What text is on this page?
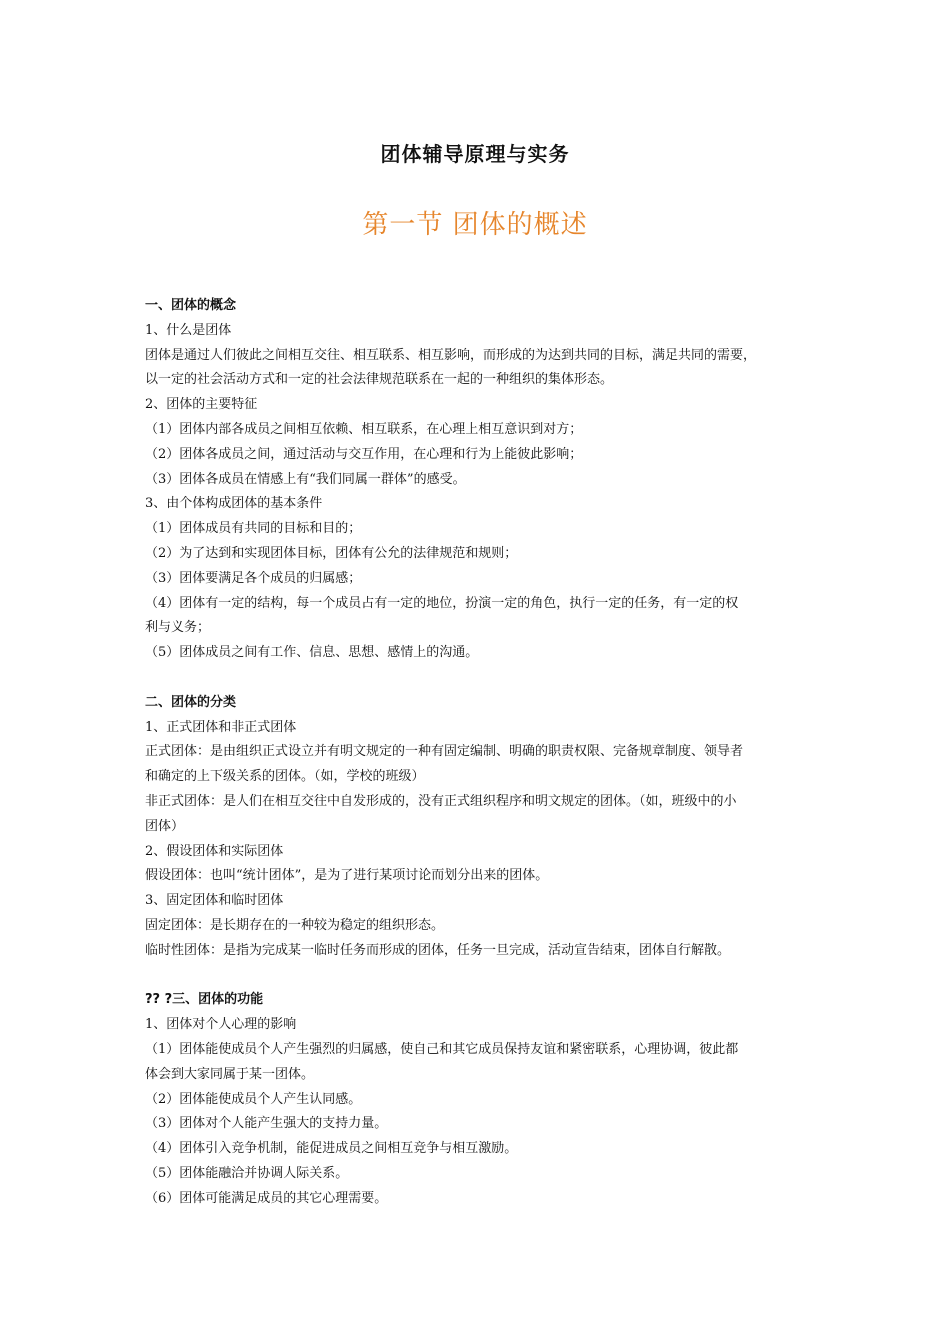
团体辅导原理与实务
第一节 团体的概述
一、团体的概念
1、什么是团体
团体是通过人们彼此之间相互交往、相互联系、相互影响，而形成的为达到共同的目标，满足共同的需要，
以一定的社会活动方式和一定的社会法律规范联系在一起的一种组织的集体形态。
2、团体的主要特征
（1）团体内部各成员之间相互依赖、相互联系，在心理上相互意识到对方；
（2）团体各成员之间，通过活动与交互作用，在心理和行为上能彼此影响；
（3）团体各成员在情感上有“我们同属一群体”的感受。
3、由个体构成团体的基本条件
（1）团体成员有共同的目标和目的；
（2）为了达到和实现团体目标，团体有公允的法律规范和规则；
（3）团体要满足各个成员的归属感；
（4）团体有一定的结构，每一个成员占有一定的地位，扮演一定的角色，执行一定的任务，有一定的权
利与义务；
（5）团体成员之间有工作、信息、思想、感情上的沟通。
二、团体的分类
1、正式团体和非正式团体
正式团体：是由组织正式设立并有明文规定的一种有固定编制、明确的职责权限、完备规章制度、领导者
和确定的上下级关系的团体。（如，学校的班级）
非正式团体：是人们在相互交往中自发形成的，没有正式组织程序和明文规定的团体。（如，班级中的小
团体）
2、假设团体和实际团体
假设团体：也叫“统计团体”，是为了进行某项讨论而划分出来的团体。
3、固定团体和临时团体
固定团体：是长期存在的一种较为稳定的组织形态。
临时性团体：是指为完成某一临时任务而形成的团体，任务一旦完成，活动宣告结束，团体自行解散。
?? ?三、团体的功能
1、团体对个人心理的影响
（1）团体能使成员个人产生强烈的归属感，使自己和其它成员保持友谊和紧密联系，心理协调，彼此都
体会到大家同属于某一团体。
（2）团体能使成员个人产生认同感。
（3）团体对个人能产生强大的支持力量。
（4）团体引入竞争机制，能促进成员之间相互竞争与相互激励。
（5）团体能融洽并协调人际关系。
（6）团体可能满足成员的其它心理需要。
